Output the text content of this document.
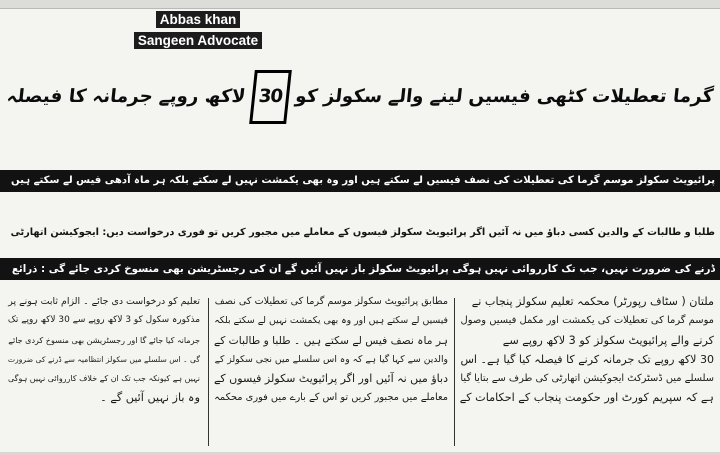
Abbas khan
Sangeen Advocate
گرما تعطیلات کٹھی فیسیں لینے والے سکولز کو 30 لاکھ روپے جرمانہ کا فیصلہ
پرائیویٹ سکولز موسم گرما کی تعطیلات کی نصف فیسیں لے سکتے ہیں اور وہ بھی یکمشت نہیں لے سکتے بلکہ ہر ماہ آدھی فیس لے سکتے ہیں
طلبا و طالبات کے والدین کسی دباؤ میں نہ آئیں اگر پرائیویٹ سکولز فیسوں کے معاملے میں مجبور کریں تو فوری درخواست دیں: ایجوکیشن اتھارٹی
ڈرنے کی ضرورت نہیں، جب تک کارروائی نہیں ہوگی پرائیویٹ سکولز باز نہیں آئیں گے ان کی رجسٹریشن بھی منسوخ کردی جائے گی : ذرائع
ملتان ( سٹاف رپورٹر) محکمہ تعلیم سکولز پنجاب نے
موسم گرما کی تعطیلات کی یکمشت اور مکمل فیسیں وصول
کرنے والے پرائیویٹ سکولز کو 3 لاکھ روپے سے
30 لاکھ روپے تک جرمانہ کرنے کا فیصلہ کیا گیا ہے۔ اس
سلسلے میں ڈسٹرکٹ ایجوکیشن اتھارٹی کی طرف سے بتایا گیا
ہے کہ سپریم کورٹ اور حکومت پنجاب کے احکامات کے
مطابق پرائیویٹ سکولز موسم گرما کی تعطیلات کی نصف
فیسیں لے سکتے ہیں اور وہ بھی یکمشت نہیں لے سکتے بلکہ
ہر ماہ نصف فیس لے سکتے ہیں ۔ طلبا و طالبات کے
والدین سے کہا گیا ہے کہ وہ اس سلسلے میں نجی سکولز کے
دباؤ میں نہ آئیں اور اگر پرائیویٹ سکولز فیسوں کے
معاملے میں مجبور کریں تو اس کے بارے میں فوری محکمہ
تعلیم کو درخواست دی جائے ۔ الزام ثابت ہونے پر
مذکورہ سکول کو 3 لاکھ روپے سے 30 لاکھ روپے تک
جرمانہ کیا جائے گا اور رجسٹریشن بھی منسوخ کردی جائے
گی ۔ اس سلسلے میں سکولز انتظامیہ سے ڈرنے کی ضرورت
نہیں ہے کیونکہ جب تک ان کے خلاف کارروائی نہیں ہوگی
وہ باز نہیں آئیں گے ۔
